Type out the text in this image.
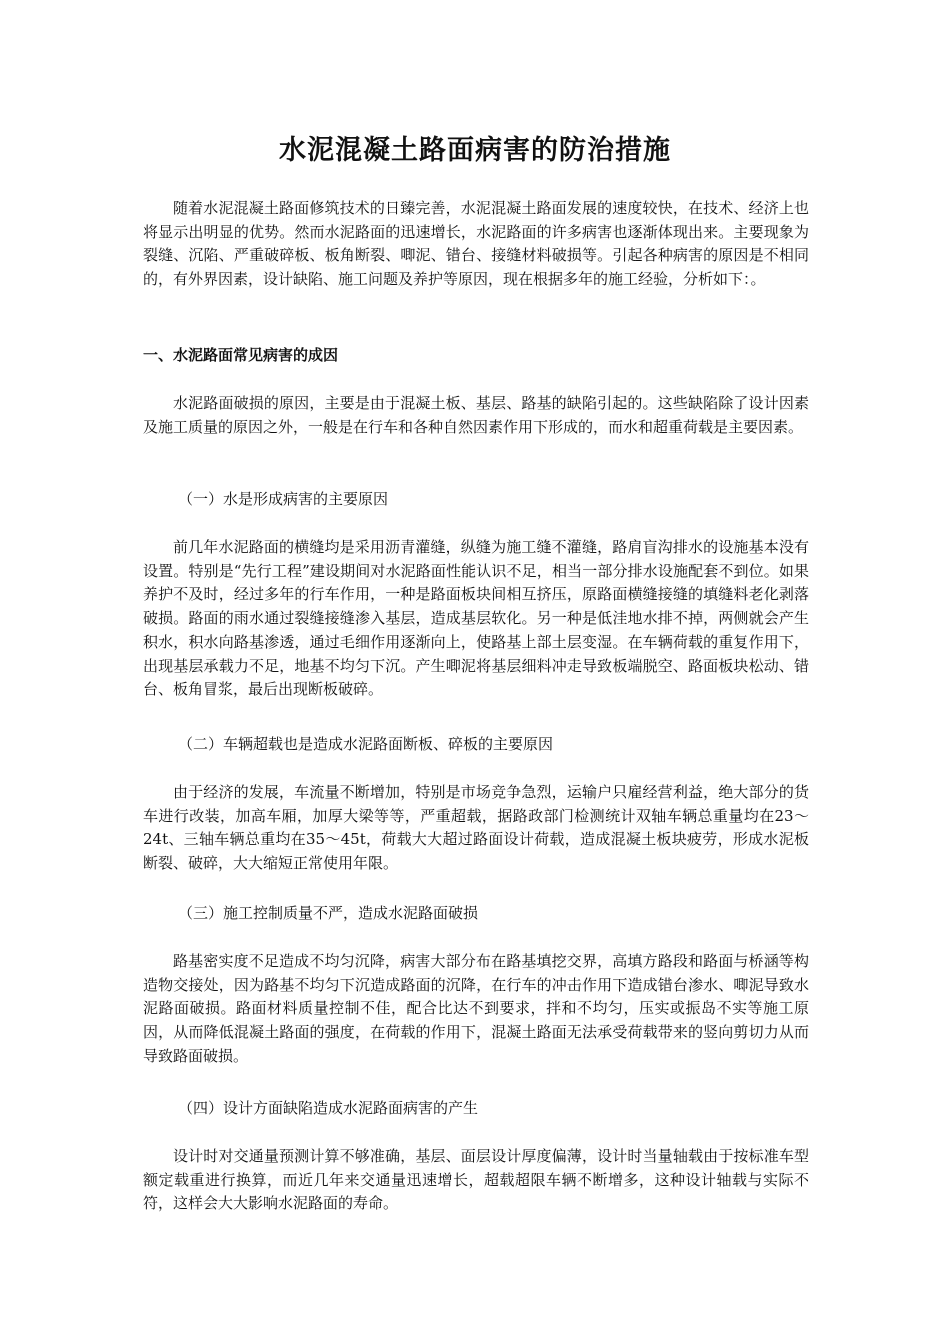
水泥混凝土路面病害的防治措施

随着水泥混凝土路面修筑技术的日臻完善，水泥混凝土路面发展的速度较快，在技术、经济上也将显示出明显的优势。然而水泥路面的迅速增长，水泥路面的许多病害也逐渐体现出来。主要现象为裂缝、沉陷、严重破碎板、板角断裂、唧泥、错台、接缝材料破损等。引起各种病害的原因是不相同的，有外界因素，设计缺陷、施工问题及养护等原因，现在根据多年的施工经验，分析如下：。

一、水泥路面常见病害的成因

水泥路面破损的原因，主要是由于混凝土板、基层、路基的缺陷引起的。这些缺陷除了设计因素及施工质量的原因之外，一般是在行车和各种自然因素作用下形成的，而水和超重荷载是主要因素。

（一）水是形成病害的主要原因

前几年水泥路面的横缝均是采用沥青灌缝，纵缝为施工缝不灌缝，路肩盲沟排水的设施基本没有设置。特别是“先行工程”建设期间对水泥路面性能认识不足，相当一部分排水设施配套不到位。如果养护不及时，经过多年的行车作用，一种是路面板块间相互挤压，原路面横缝接缝的填缝料老化剥落破损。路面的雨水通过裂缝接缝渗入基层，造成基层软化。另一种是低洼地水排不掉，两侧就会产生积水，积水向路基渗透，通过毛细作用逐渐向上，使路基上部土层变湿。在车辆荷载的重复作用下，出现基层承载力不足，地基不均匀下沉。产生唧泥将基层细料冲走导致板端脱空、路面板块松动、错台、板角冒浆，最后出现断板破碎。

（二）车辆超载也是造成水泥路面断板、碎板的主要原因

由于经济的发展，车流量不断增加，特别是市场竞争急烈，运输户只雇经营利益，绝大部分的货车进行改装，加高车厢，加厚大梁等等，严重超载，据路政部门检测统计双轴车辆总重量均在23～24t、三轴车辆总重均在35～45t，荷载大大超过路面设计荷载，造成混凝土板块疲劳，形成水泥板断裂、破碎，大大缩短正常使用年限。

（三）施工控制质量不严，造成水泥路面破损

路基密实度不足造成不均匀沉降，病害大部分布在路基填挖交界，高填方路段和路面与桥涵等构造物交接处，因为路基不均匀下沉造成路面的沉降，在行车的冲击作用下造成错台渗水、唧泥导致水泥路面破损。路面材料质量控制不佳，配合比达不到要求，拌和不均匀，压实或振岛不实等施工原因，从而降低混凝土路面的强度，在荷载的作用下，混凝土路面无法承受荷载带来的竖向剪切力从而导致路面破损。

（四）设计方面缺陷造成水泥路面病害的产生

设计时对交通量预测计算不够准确，基层、面层设计厚度偏薄，设计时当量轴载由于按标准车型额定载重进行换算，而近几年来交通量迅速增长，超载超限车辆不断增多，这种设计轴载与实际不符，这样会大大影响水泥路面的寿命。
